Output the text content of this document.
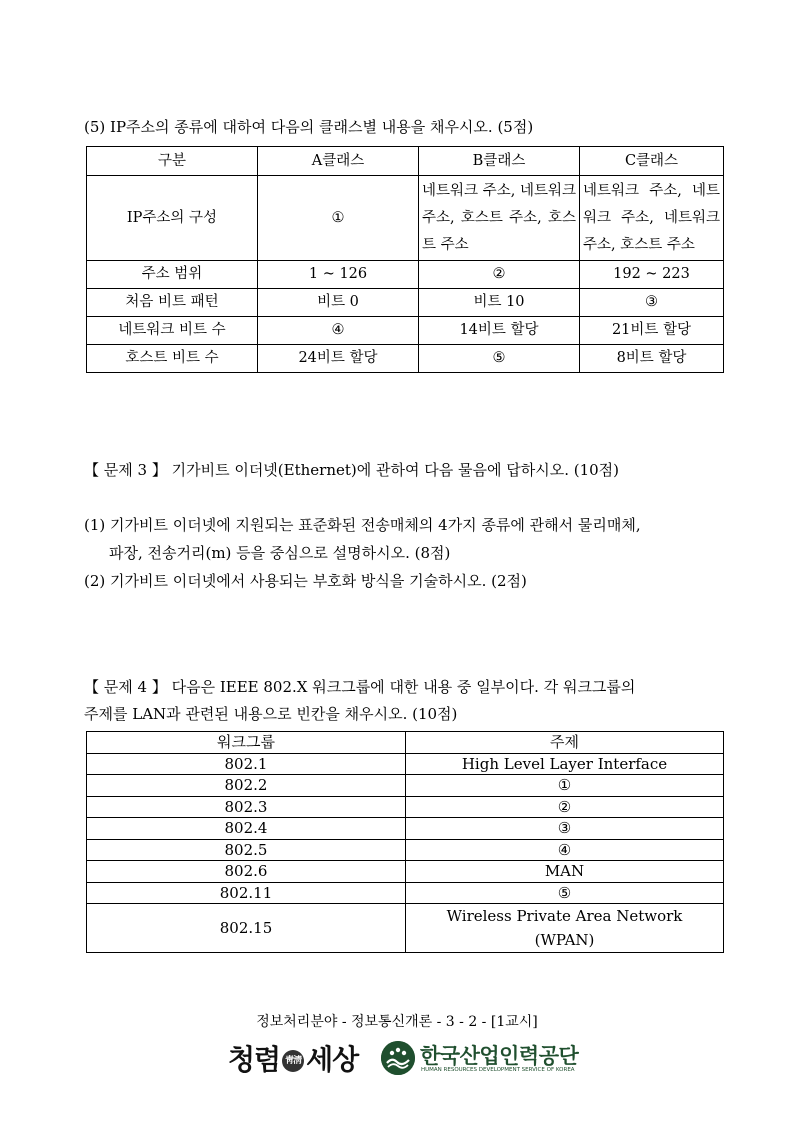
(5) IP주소의 종류에 대하여 다음의 클래스별 내용을 채우시오. (5점)
구분	A클래스	B클래스	C클래스
IP주소의 구성	①	네트워크 주소, 네트워크 주소, 호스트 주소, 호스트 주소	네트워크 주소, 네트워크 주소, 네트워크 주소, 호스트 주소
주소 범위	1 ~ 126	②	192 ~ 223
처음 비트 패턴	비트 0	비트 10	③
네트워크 비트 수	④	14비트 할당	21비트 할당
호스트 비트 수	24비트 할당	⑤	8비트 할당
【 문제 3 】 기가비트 이더넷(Ethernet)에 관하여 다음 물음에 답하시오. (10점)
(1) 기가비트 이더넷에 지원되는 표준화된 전송매체의 4가지 종류에 관해서 물리매체,
파장, 전송거리(m) 등을 중심으로 설명하시오. (8점)
(2) 기가비트 이더넷에서 사용되는 부호화 방식을 기술하시오. (2점)
【 문제 4 】 다음은 IEEE 802.X 워크그룹에 대한 내용 중 일부이다. 각 워크그룹의
주제를 LAN과 관련된 내용으로 빈칸을 채우시오. (10점)
워크그룹	주제
802.1	High Level Layer Interface
802.2	①
802.3	②
802.4	③
802.5	④
802.6	MAN
802.11	⑤
802.15	Wireless Private Area Network
(WPAN)
정보처리분야 - 정보통신개론 - 3 - 2 - [1교시]
청렴 靑淸 세상	한국산업인력공단
HUMAN RESOURCES DEVELOPMENT SERVICE OF KOREA
